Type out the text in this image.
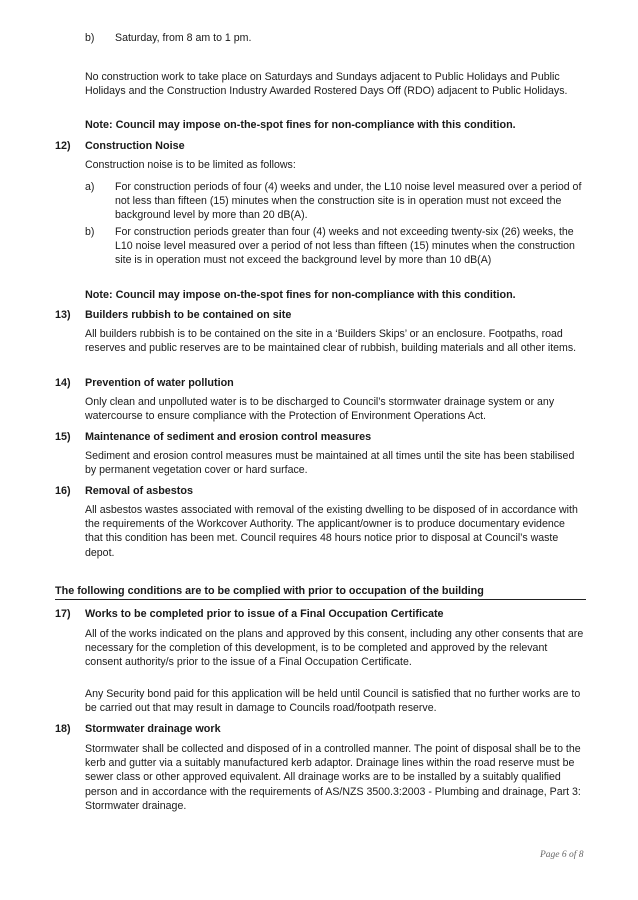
b) Saturday, from 8 am to 1 pm.
No construction work to take place on Saturdays and Sundays adjacent to Public Holidays and Public Holidays and the Construction Industry Awarded Rostered Days Off (RDO) adjacent to Public Holidays.
Note: Council may impose on-the-spot fines for non-compliance with this condition.
12)	Construction Noise
Construction noise is to be limited as follows:
a) For construction periods of four (4) weeks and under, the L10 noise level measured over a period of not less than fifteen (15) minutes when the construction site is in operation must not exceed the background level by more than 20 dB(A).
b) For construction periods greater than four (4) weeks and not exceeding twenty-six (26) weeks, the L10 noise level measured over a period of not less than fifteen (15) minutes when the construction site is in operation must not exceed the background level by more than 10 dB(A)
Note: Council may impose on-the-spot fines for non-compliance with this condition.
13)	Builders rubbish to be contained on site
All builders rubbish is to be contained on the site in a ‘Builders Skips’ or an enclosure. Footpaths, road reserves and public reserves are to be maintained clear of rubbish, building materials and all other items.
14)	Prevention of water pollution
Only clean and unpolluted water is to be discharged to Council’s stormwater drainage system or any watercourse to ensure compliance with the Protection of Environment Operations Act.
15)	Maintenance of sediment and erosion control measures
Sediment and erosion control measures must be maintained at all times until the site has been stabilised by permanent vegetation cover or hard surface.
16)	Removal of asbestos
All asbestos wastes associated with removal of the existing dwelling to be disposed of in accordance with the requirements of the Workcover Authority. The applicant/owner is to produce documentary evidence that this condition has been met. Council requires 48 hours notice prior to disposal at Council’s waste depot.
The following conditions are to be complied with prior to occupation of the building
17)	Works to be completed prior to issue of a Final Occupation Certificate
All of the works indicated on the plans and approved by this consent, including any other consents that are necessary for the completion of this development, is to be completed and approved by the relevant consent authority/s prior to the issue of a Final Occupation Certificate.
Any Security bond paid for this application will be held until Council is satisfied that no further works are to be carried out that may result in damage to Councils road/footpath reserve.
18)	Stormwater drainage work
Stormwater shall be collected and disposed of in a controlled manner. The point of disposal shall be to the kerb and gutter via a suitably manufactured kerb adaptor. Drainage lines within the road reserve must be sewer class or other approved equivalent. All drainage works are to be installed by a suitably qualified person and in accordance with the requirements of AS/NZS 3500.3:2003 - Plumbing and drainage, Part 3: Stormwater drainage.
Page 6 of 8
